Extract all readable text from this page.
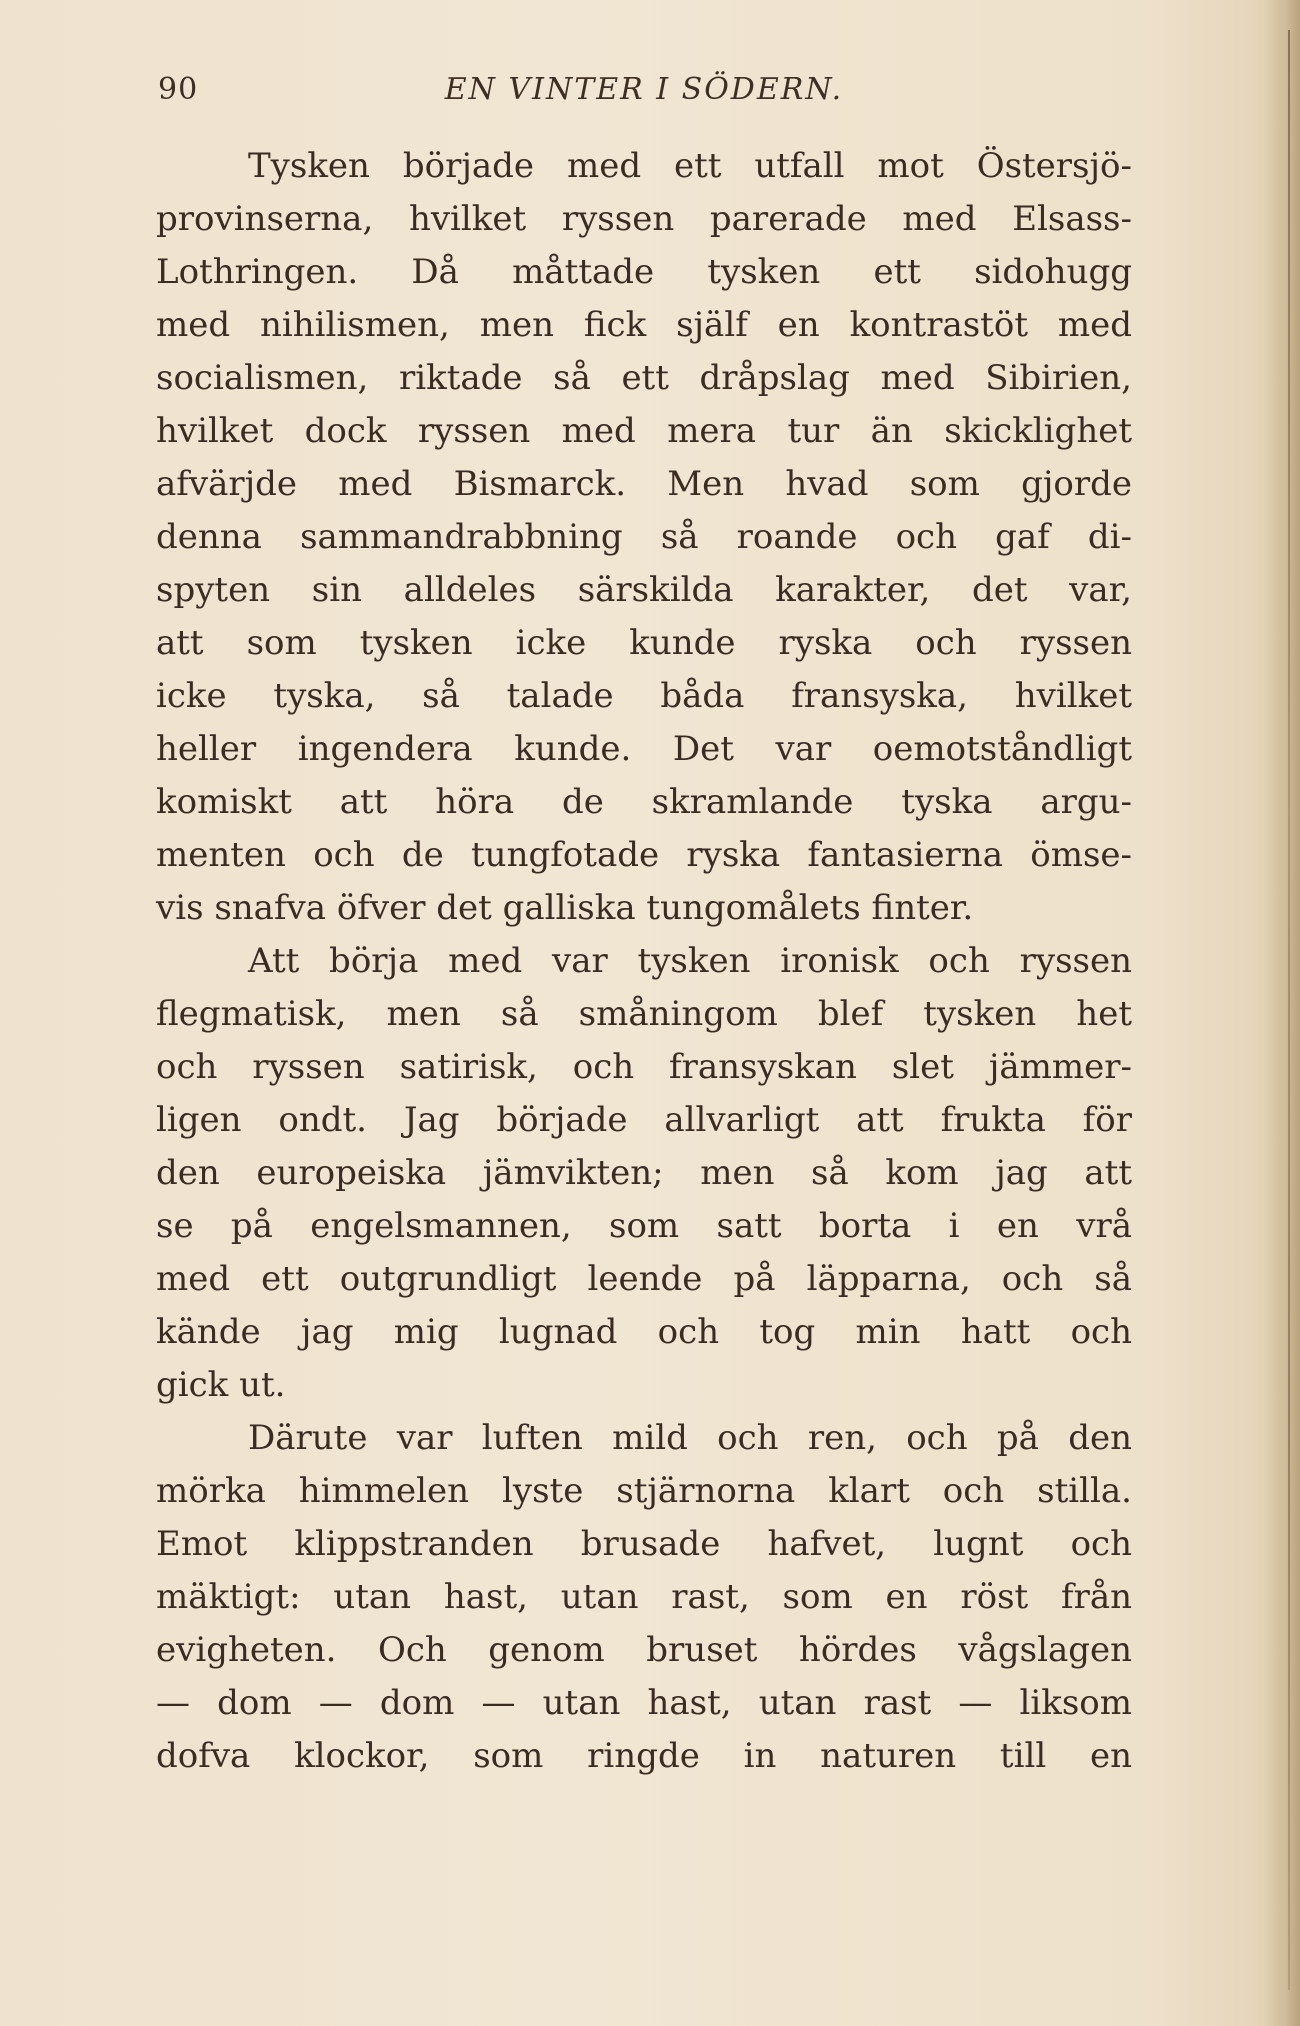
90	EN VINTER I SÖDERN.
Tysken började med ett utfall mot Östersjö-
provinserna, hvilket ryssen parerade med Elsass-
Lothringen. Då måttade tysken ett sidohugg
med nihilismen, men fick själf en kontrastöt med
socialismen, riktade så ett dråpslag med Sibirien,
hvilket dock ryssen med mera tur än skicklighet
afvärjde med Bismarck. Men hvad som gjorde
denna sammandrabbning så roande och gaf di-
spyten sin alldeles särskilda karakter, det var,
att som tysken icke kunde ryska och ryssen
icke tyska, så talade båda fransyska, hvilket
heller ingendera kunde. Det var oemotståndligt
komiskt att höra de skramlande tyska argu-
menten och de tungfotade ryska fantasierna ömse-
vis snafva öfver det galliska tungomålets finter.
Att börja med var tysken ironisk och ryssen
flegmatisk, men så småningom blef tysken het
och ryssen satirisk, och fransyskan slet jämmer-
ligen ondt. Jag började allvarligt att frukta för
den europeiska jämvikten; men så kom jag att
se på engelsmannen, som satt borta i en vrå
med ett outgrundligt leende på läpparna, och så
kände jag mig lugnad och tog min hatt och
gick ut.
Därute var luften mild och ren, och på den
mörka himmelen lyste stjärnorna klart och stilla.
Emot klippstranden brusade hafvet, lugnt och
mäktigt: utan hast, utan rast, som en röst från
evigheten. Och genom bruset hördes vågslagen
— dom — dom — utan hast, utan rast — liksom
dofva klockor, som ringde in naturen till en
